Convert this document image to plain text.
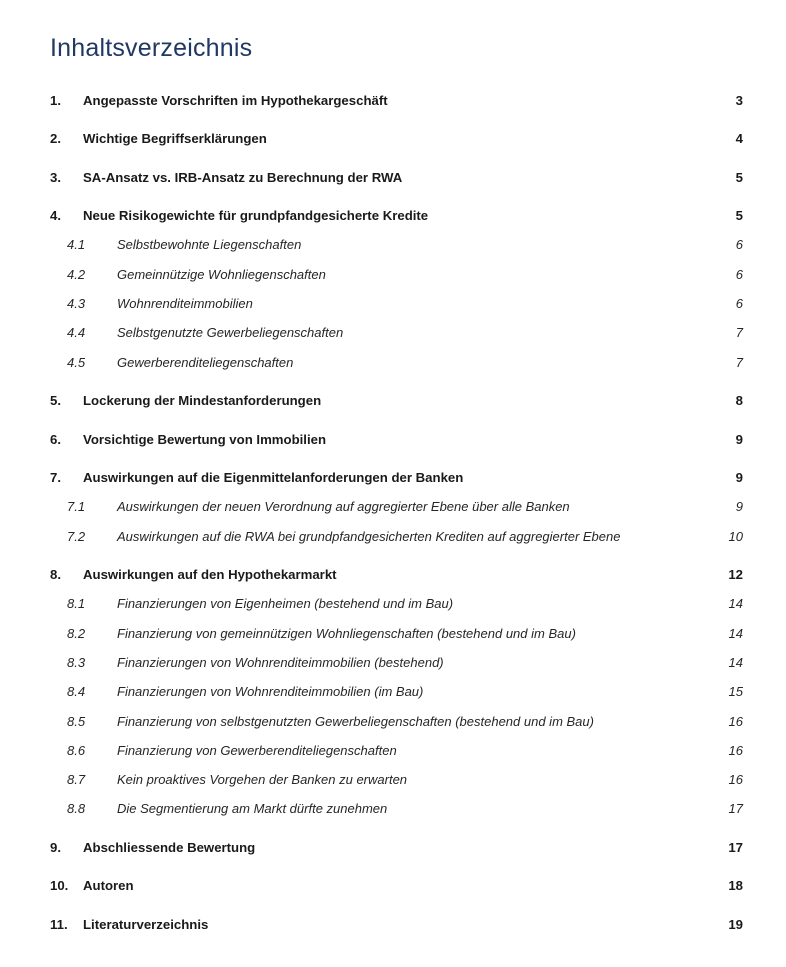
Inhaltsverzeichnis
1. Angepasste Vorschriften im Hypothekargeschäft	3
2. Wichtige Begriffserklärungen	4
3. SA-Ansatz vs. IRB-Ansatz zu Berechnung der RWA	5
4. Neue Risikogewichte für grundpfandgesicherte Kredite	5
4.1 Selbstbewohnte Liegenschaften	6
4.2 Gemeinnützige Wohnliegenschaften	6
4.3 Wohnrenditeimmobilien	6
4.4 Selbstgenutzte Gewerbeliegenschaften	7
4.5 Gewerberenditeliegenschaften	7
5. Lockerung der Mindestanforderungen	8
6. Vorsichtige Bewertung von Immobilien	9
7. Auswirkungen auf die Eigenmittelanforderungen der Banken	9
7.1 Auswirkungen der neuen Verordnung auf aggregierter Ebene über alle Banken	9
7.2 Auswirkungen auf die RWA bei grundpfandgesicherten Krediten auf aggregierter Ebene	10
8. Auswirkungen auf den Hypothekarmarkt	12
8.1 Finanzierungen von Eigenheimen (bestehend und im Bau)	14
8.2 Finanzierung von gemeinnützigen Wohnliegenschaften (bestehend und im Bau)	14
8.3 Finanzierungen von Wohnrenditeimmobilien (bestehend)	14
8.4 Finanzierungen von Wohnrenditeimmobilien (im Bau)	15
8.5 Finanzierung von selbstgenutzten Gewerbeliegenschaften (bestehend und im Bau)	16
8.6 Finanzierung von Gewerberenditeliegenschaften	16
8.7 Kein proaktives Vorgehen der Banken zu erwarten	16
8.8 Die Segmentierung am Markt dürfte zunehmen	17
9. Abschliessende Bewertung	17
10. Autoren	18
11. Literaturverzeichnis	19
